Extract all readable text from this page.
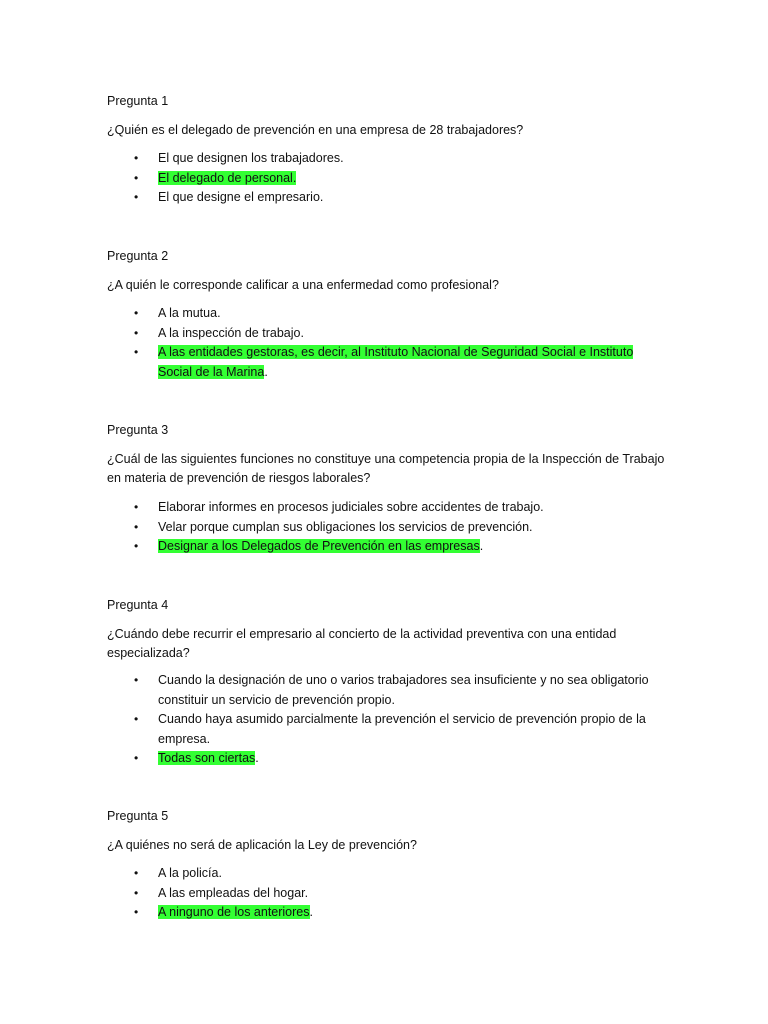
Pregunta 1
¿Quién es el delegado de prevención en una empresa de 28 trabajadores?
• El que designen los trabajadores.
• El delegado de personal.
• El que designe el empresario.
Pregunta 2
¿A quién le corresponde calificar a una enfermedad como profesional?
• A la mutua.
• A la inspección de trabajo.
• A las entidades gestoras, es decir, al Instituto Nacional de Seguridad Social e Instituto Social de la Marina.
Pregunta 3
¿Cuál de las siguientes funciones no constituye una competencia propia de la Inspección de Trabajo en materia de prevención de riesgos laborales?
• Elaborar informes en procesos judiciales sobre accidentes de trabajo.
• Velar porque cumplan sus obligaciones los servicios de prevención.
• Designar a los Delegados de Prevención en las empresas.
Pregunta 4
¿Cuándo debe recurrir el empresario al concierto de la actividad preventiva con una entidad especializada?
• Cuando la designación de uno o varios trabajadores sea insuficiente y no sea obligatorio constituir un servicio de prevención propio.
• Cuando haya asumido parcialmente la prevención el servicio de prevención propio de la empresa.
• Todas son ciertas.
Pregunta 5
¿A quiénes no será de aplicación la Ley de prevención?
• A la policía.
• A las empleadas del hogar.
• A ninguno de los anteriores.
